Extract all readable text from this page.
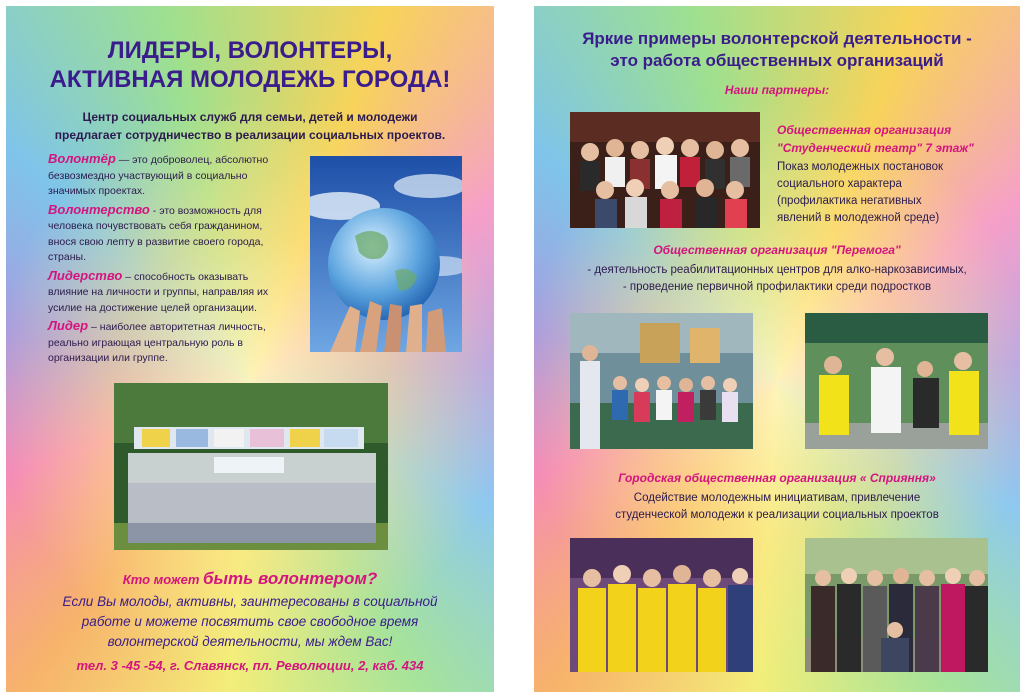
ЛИДЕРЫ, ВОЛОНТЕРЫ,
АКТИВНАЯ МОЛОДЕЖЬ ГОРОДА!
Центр социальных служб для семьи, детей и молодежи
предлагает сотрудничество в реализации социальных проектов.
Волонтёр — это доброволец, абсолютно
безвозмездно участвующий в социально
значимых проектах.
Волонтерство - это возможность для
человека почувствовать себя гражданином,
внося свою лепту в развитие своего города,
страны.
Лидерство – способность оказывать
влияние на личности и группы, направляя их
усилие на достижение целей организации.
Лидер – наиболее авторитетная личность,
реально играющая центральную роль в
организации или группе.
Кто может быть волонтером?
Если Вы молоды, активны, заинтересованы в социальной
работе и можете посвятить свое свободное время
волонтерской деятельности, мы ждем Вас!
тел. 3 -45 -54, г. Славянск, пл. Революции, 2, каб. 434
Яркие примеры волонтерской деятельности -
это работа общественных организаций
Наши партнеры:
Общественная организация
"Студенческий театр" 7 этаж"
Показ молодежных постановок
социального характера
(профилактика негативных
явлений в молодежной среде)
Общественная организация "Перемога"
- деятельность реабилитационных центров для алко-наркозависимых,
- проведение первичной профилактики среди подростков
Городская общественная организация « Сприяння»
Содействие молодежным инициативам, привлечение
студенческой молодежи к реализации социальных проектов
